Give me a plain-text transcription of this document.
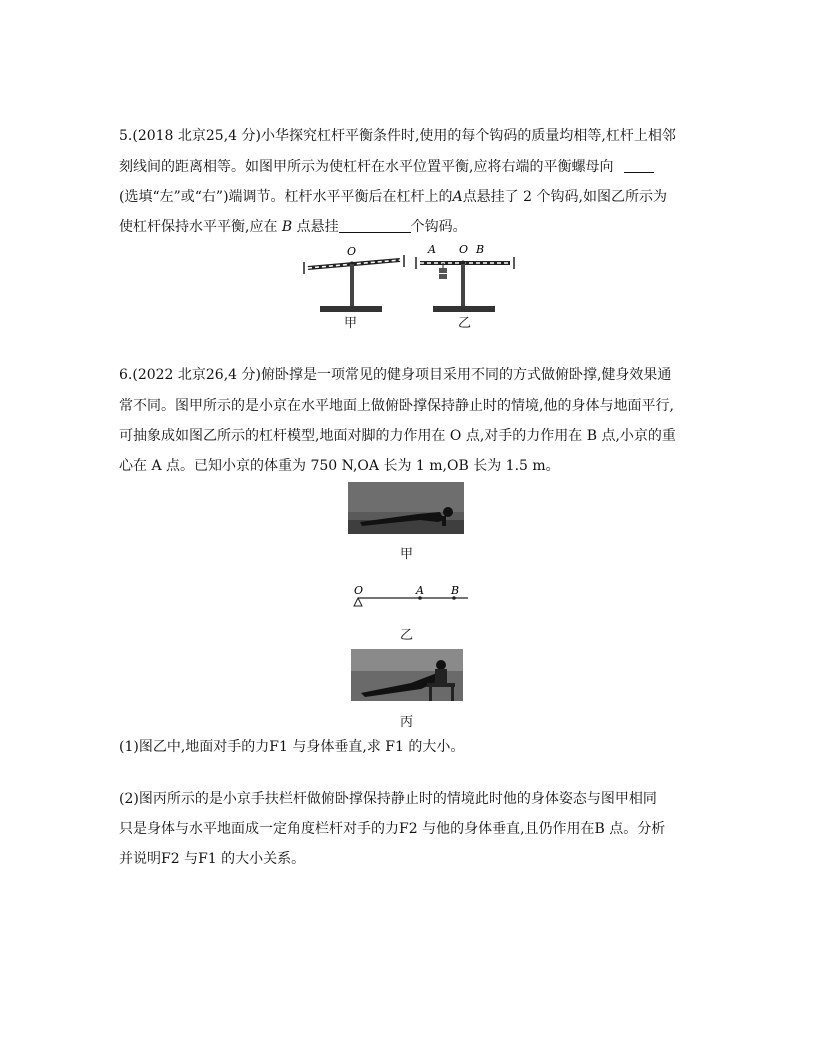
5.(2018 北京25,4 分)小华探究杠杆平衡条件时,使用的每个钩码的质量均相等,杠杆上相邻
刻线间的距离相等。如图甲所示为使杠杆在水平位置平衡,应将右端的平衡螺母向
(选填“左”或“右”)端调节。杠杆水平平衡后在杠杆上的A点悬挂了 2 个钩码,如图乙所示为
使杠杆保持水平平衡,应在 B 点悬挂	个钩码。
O	A O B
甲	乙
6.(2022 北京26,4 分)俯卧撑是一项常见的健身项目采用不同的方式做俯卧撑,健身效果通
常不同。图甲所示的是小京在水平地面上做俯卧撑保持静止时的情境,他的身体与地面平行,
可抽象成如图乙所示的杠杆模型,地面对脚的力作用在 O 点,对手的力作用在 B 点,小京的重
心在 A 点。已知小京的体重为 750 N,OA 长为 1 m,OB 长为 1.5 m。
甲
O	A B
乙
丙
(1)图乙中,地面对手的力F1 与身体垂直,求 F1 的大小。
(2)图丙所示的是小京手扶栏杆做俯卧撑保持静止时的情境此时他的身体姿态与图甲相同
只是身体与水平地面成一定角度栏杆对手的力F2 与他的身体垂直,且仍作用在B 点。分析
并说明F2 与F1 的大小关系。
